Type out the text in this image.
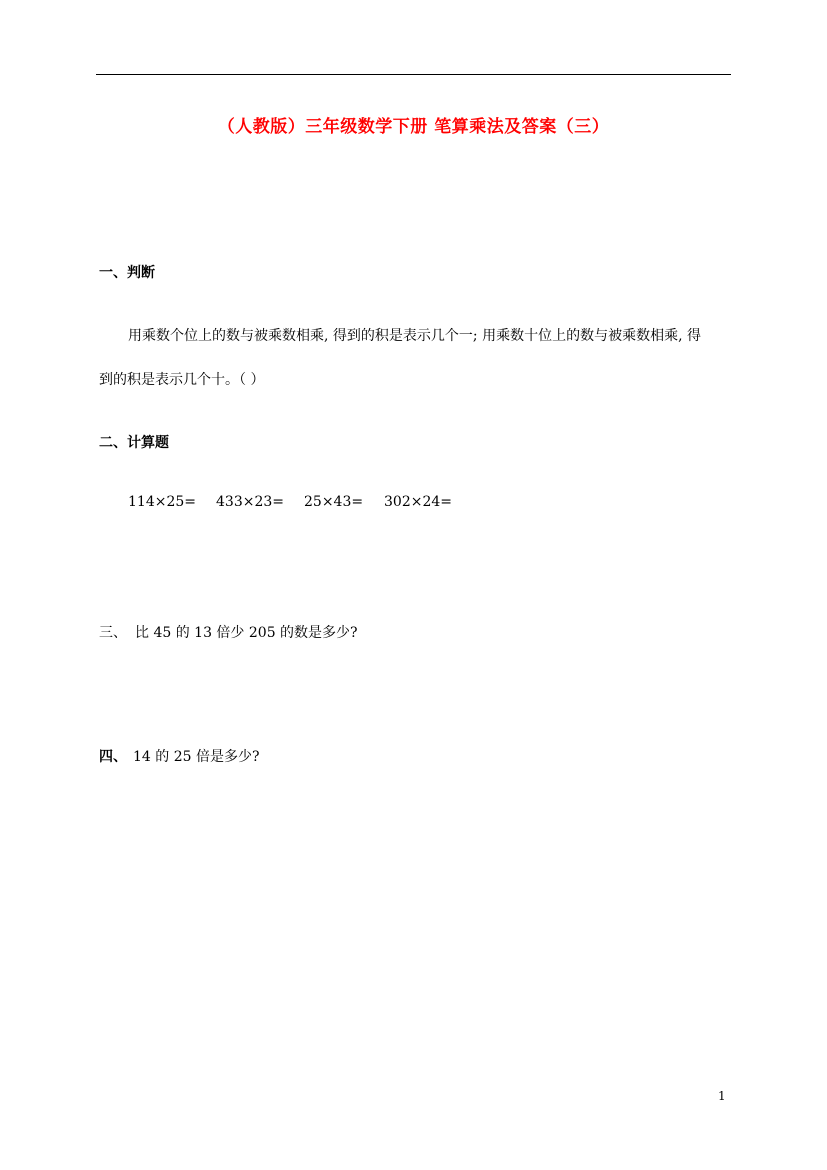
（人教版）三年级数学下册 笔算乘法及答案（三）
一、判断
用乘数个位上的数与被乘数相乘, 得到的积是表示几个一; 用乘数十位上的数与被乘数相乘, 得
到的积是表示几个十。（ ）
二、计算题
114×25= 433×23= 25×43= 302×24=
三、 比 45 的 13 倍少 205 的数是多少?
四、 14 的 25 倍是多少?
1
